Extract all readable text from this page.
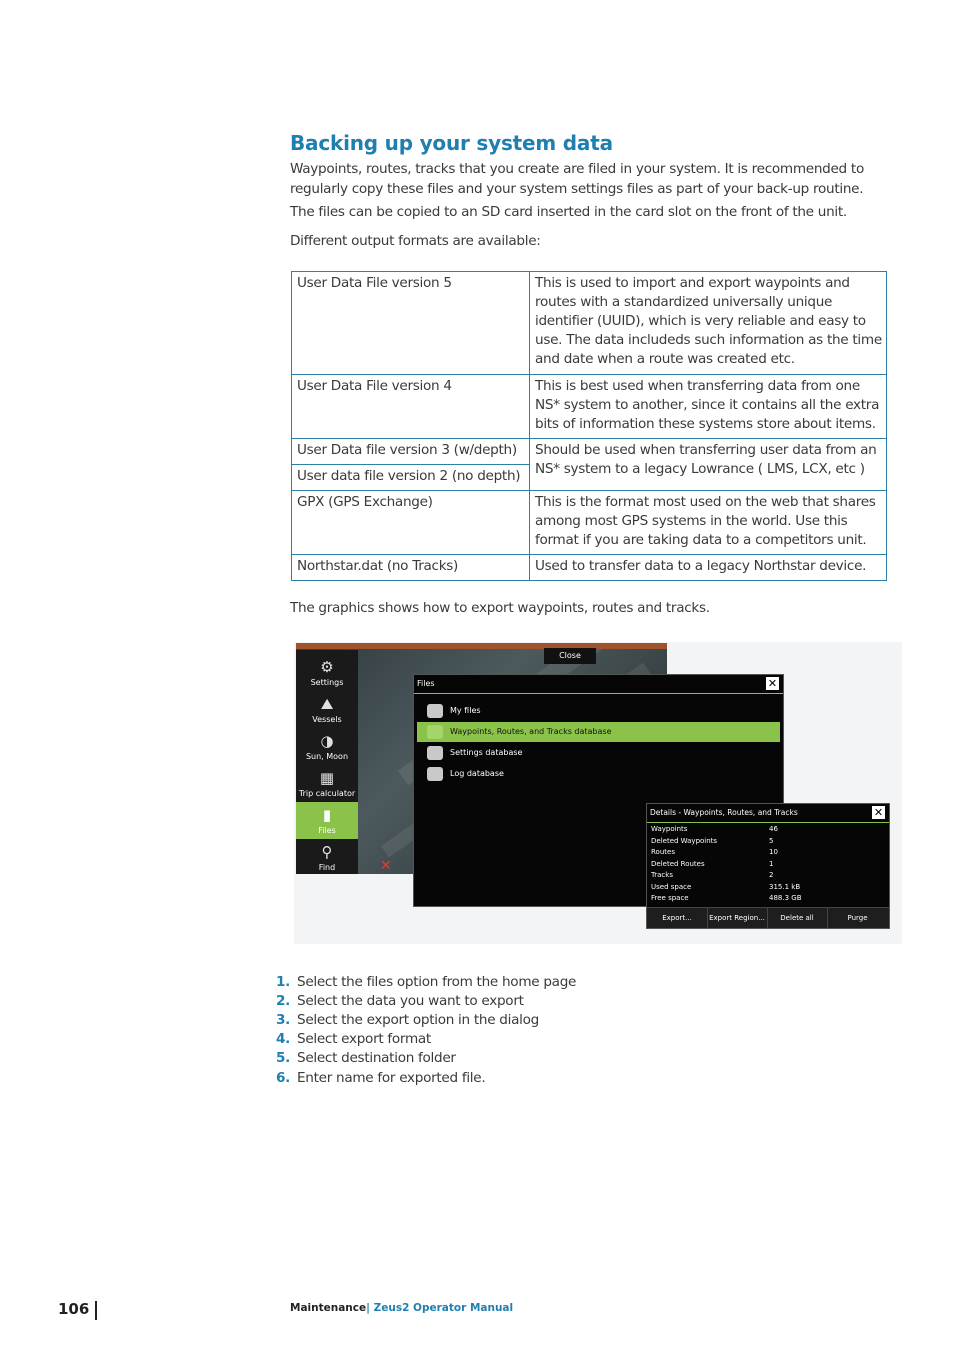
Backing up your system data
Waypoints, routes, tracks that you create are filed in your system. It is recommended to regularly copy these files and your system settings files as part of your back-up routine.
The files can be copied to an SD card inserted in the card slot on the front of the unit.
Different output formats are available:
User Data File version 5	This is used to import and export waypoints and routes with a standardized universally unique identifier (UUID), which is very reliable and easy to use. The data includeds such information as the time and date when a route was created etc.
User Data File version 4	This is best used when transferring data from one NS* system to another, since it contains all the extra bits of information these systems store about items.
User Data file version 3 (w/depth)	Should be used when transferring user data from an NS* system to a legacy Lowrance ( LMS, LCX, etc )
User data file version 2 (no depth)	
GPX (GPS Exchange)	This is the format most used on the web that shares among most GPS systems in the world. Use this format if you are taking data to a competitors unit.
Northstar.dat (no Tracks)	Used to transfer data to a legacy Northstar device.
The graphics shows how to export waypoints, routes and tracks.
Close
⚙
Settings
⛰
Vessels
◑
Sun, Moon
▦
Trip calculator
▮
Files
⚲
Find	✕
Files	✕
My files
Waypoints, Routes, and Tracks database
Settings database
Log database
Details - Waypoints, Routes, and Tracks	✕
Waypoints	46
Deleted Waypoints	5
Routes	10
Deleted Routes	1
Tracks	2
Used space	315.1 kB
Free space	488.3 GB
Export...	Export Region...	Delete all	Purge
1. Select the files option from the home page
2. Select the data you want to export
3. Select the export option in the dialog
4. Select export format
5. Select destination folder
6. Enter name for exported file.
106	Maintenance| Zeus2 Operator Manual
